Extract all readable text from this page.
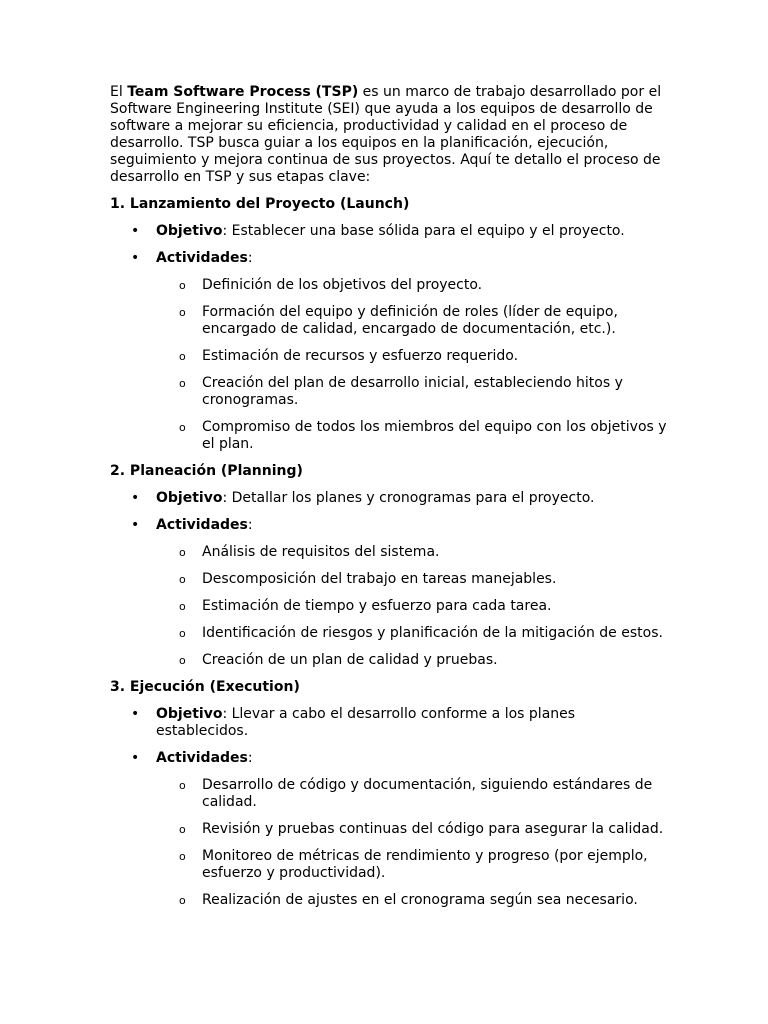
El Team Software Process (TSP) es un marco de trabajo desarrollado por el Software Engineering Institute (SEI) que ayuda a los equipos de desarrollo de software a mejorar su eficiencia, productividad y calidad en el proceso de desarrollo. TSP busca guiar a los equipos en la planificación, ejecución, seguimiento y mejora continua de sus proyectos. Aquí te detallo el proceso de desarrollo en TSP y sus etapas clave:

1. Lanzamiento del Proyecto (Launch)

• Objetivo: Establecer una base sólida para el equipo y el proyecto.
• Actividades:
o Definición de los objetivos del proyecto.
o Formación del equipo y definición de roles (líder de equipo, encargado de calidad, encargado de documentación, etc.).
o Estimación de recursos y esfuerzo requerido.
o Creación del plan de desarrollo inicial, estableciendo hitos y cronogramas.
o Compromiso de todos los miembros del equipo con los objetivos y el plan.

2. Planeación (Planning)

• Objetivo: Detallar los planes y cronogramas para el proyecto.
• Actividades:
o Análisis de requisitos del sistema.
o Descomposición del trabajo en tareas manejables.
o Estimación de tiempo y esfuerzo para cada tarea.
o Identificación de riesgos y planificación de la mitigación de estos.
o Creación de un plan de calidad y pruebas.

3. Ejecución (Execution)

• Objetivo: Llevar a cabo el desarrollo conforme a los planes establecidos.
• Actividades:
o Desarrollo de código y documentación, siguiendo estándares de calidad.
o Revisión y pruebas continuas del código para asegurar la calidad.
o Monitoreo de métricas de rendimiento y progreso (por ejemplo, esfuerzo y productividad).
o Realización de ajustes en el cronograma según sea necesario.
